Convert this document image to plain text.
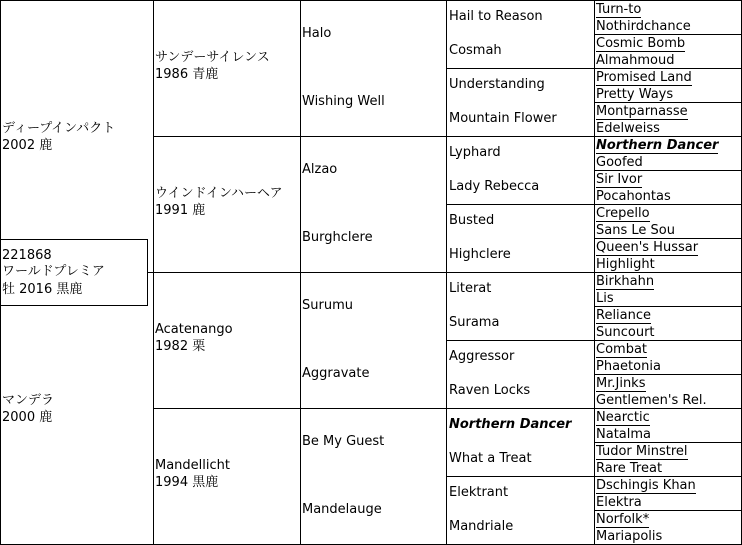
221868
ワールドプレミア
牡 2016 黒鹿
ディープインパクト
2002 鹿
マンデラ
2000 鹿
サンデーサイレンス
1986 青鹿
ウインドインハーヘア
1991 鹿
Acatenango
1982 栗
Mandellicht
1994 黒鹿
Halo
Wishing Well
Alzao
Burghclere
Surumu
Aggravate
Be My Guest
Mandelauge
Hail to Reason
Cosmah
Understanding
Mountain Flower
Lyphard
Lady Rebecca
Busted
Highclere
Literat
Surama
Aggressor
Raven Locks
Northern Dancer
What a Treat
Elektrant
Mandriale
Turn-to
Nothirdchance
Cosmic Bomb
Almahmoud
Promised Land
Pretty Ways
Montparnasse
Edelweiss
Northern Dancer
Goofed
Sir Ivor
Pocahontas
Crepello
Sans Le Sou
Queen's Hussar
Highlight
Birkhahn
Lis
Reliance
Suncourt
Combat
Phaetonia
Mr.Jinks
Gentlemen's Rel.
Nearctic
Natalma
Tudor Minstrel
Rare Treat
Dschingis Khan
Elektra
Norfolk*
Mariapolis
